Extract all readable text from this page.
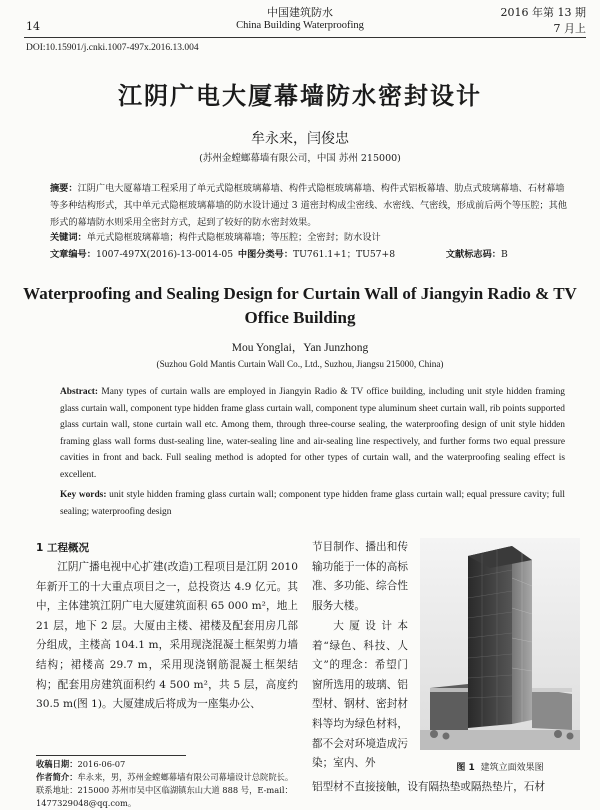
中国建筑防水
14	China Building Waterproofing
2016 年第 13 期
7 月上
DOI:10.15901/j.cnki.1007-497x.2016.13.004
江阴广电大厦幕墙防水密封设计
牟永来，闫俊忠
(苏州金螳螂幕墙有限公司，中国 苏州 215000)
摘要：江阴广电大厦幕墙工程采用了单元式隐框玻璃幕墙、构件式隐框玻璃幕墙、构件式铝板幕墙、肋点式玻璃幕墙、石材幕墙等多种结构形式，其中单元式隐框玻璃幕墙的防水设计通过 3 道密封构成尘密线、水密线、气密线，形成前后两个等压腔；其他形式的幕墙防水则采用全密封方式，起到了较好的防水密封效果。
关键词：单元式隐框玻璃幕墙；构件式隐框玻璃幕墙；等压腔；全密封；防水设计
文章编号：1007-497X(2016)-13-0014-05 中图分类号：TU761.1+1；TU57+8	文献标志码：B
Waterproofing and Sealing Design for Curtain Wall of Jiangyin Radio & TV Office Building
Mou Yonglai，Yan Junzhong
(Suzhou Gold Mantis Curtain Wall Co., Ltd., Suzhou, Jiangsu 215000, China)
Abstract: Many types of curtain walls are employed in Jiangyin Radio & TV office building, including unit style hidden framing glass curtain wall, component type hidden frame glass curtain wall, component type aluminum sheet curtain wall, rib points supported glass curtain wall, stone curtain wall etc. Among them, through three-course sealing, the waterproofing design of unit style hidden framing glass wall forms dust-sealing line, water-sealing line and air-sealing line respectively, and further forms two equal pressure cavities in front and back. Full sealing method is adopted for other types of curtain wall, and the waterproofing sealing effect is excellent.
Key words: unit style hidden framing glass curtain wall; component type hidden frame glass curtain wall; equal pressure cavity; full sealing; waterproofing design
1 工程概况
江阴广播电视中心扩建(改造)工程项目是江阴 2010 年新开工的十大重点项目之一，总投资达 4.9 亿元。其中，主体建筑江阴广电大厦建筑面积 65 000 m²，地上 21 层，地下 2 层。大厦由主楼、裙楼及配套用房几部分组成，主楼高 104.1 m，采用现浇混凝土框架剪力墙结构；裙楼高 29.7 m，采用现浇钢筋混凝土框架结构；配套用房建筑面积约 4 500 m²，共 5 层，高度约 30.5 m(图 1)。大厦建成后将成为一座集办公、
节目制作、播出和传输功能于一体的高标准、多功能、综合性服务大楼。
大厦设计本着“绿色、科技、人文”的理念：希望门窗所选用的玻璃、铝型材、钢材、密封材料等均为绿色材料，都不会对环境造成污染；室内、外
铝型材不直接接触，设有隔热垫或隔热垫片，石材
收稿日期：2016-06-07
作者简介：牟永来，男，苏州金螳螂幕墙有限公司幕墙设计总院院长。联系地址：215000 苏州市吴中区临湖镇东山大道 888 号，E-mail：1477329048@qq.com。
图 1 建筑立面效果图
